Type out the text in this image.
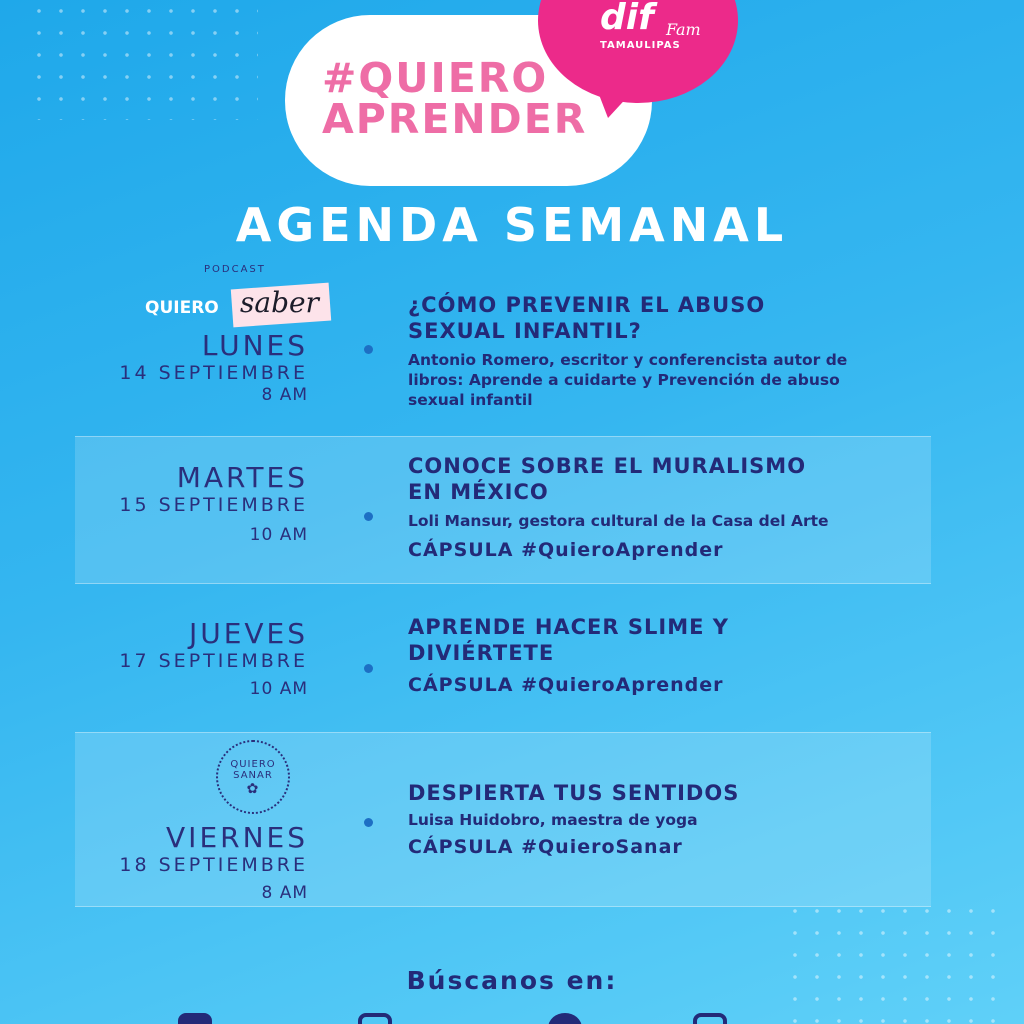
#QUIERO APRENDER
dif Fam
TAMAULIPAS
AGENDA SEMANAL
PODCAST
QUIERO saber
QUIERO
SANAR
✿
LUNES
14 SEPTIEMBRE
8 AM
¿CÓMO PREVENIR EL ABUSO SEXUAL INFANTIL?
Antonio Romero, escritor y conferencista autor de libros: Aprende a cuidarte y Prevención de abuso sexual infantil
MARTES
15 SEPTIEMBRE
10 AM
CONOCE SOBRE EL MURALISMO EN MÉXICO
Loli Mansur, gestora cultural de la Casa del Arte
CÁPSULA #QuieroAprender
JUEVES
17 SEPTIEMBRE
10 AM
APRENDE HACER SLIME Y DIVIÉRTETE
CÁPSULA #QuieroAprender
VIERNES
18 SEPTIEMBRE
8 AM
DESPIERTA TUS SENTIDOS
Luisa Huidobro, maestra de yoga
CÁPSULA #QuieroSanar
Búscanos en:
